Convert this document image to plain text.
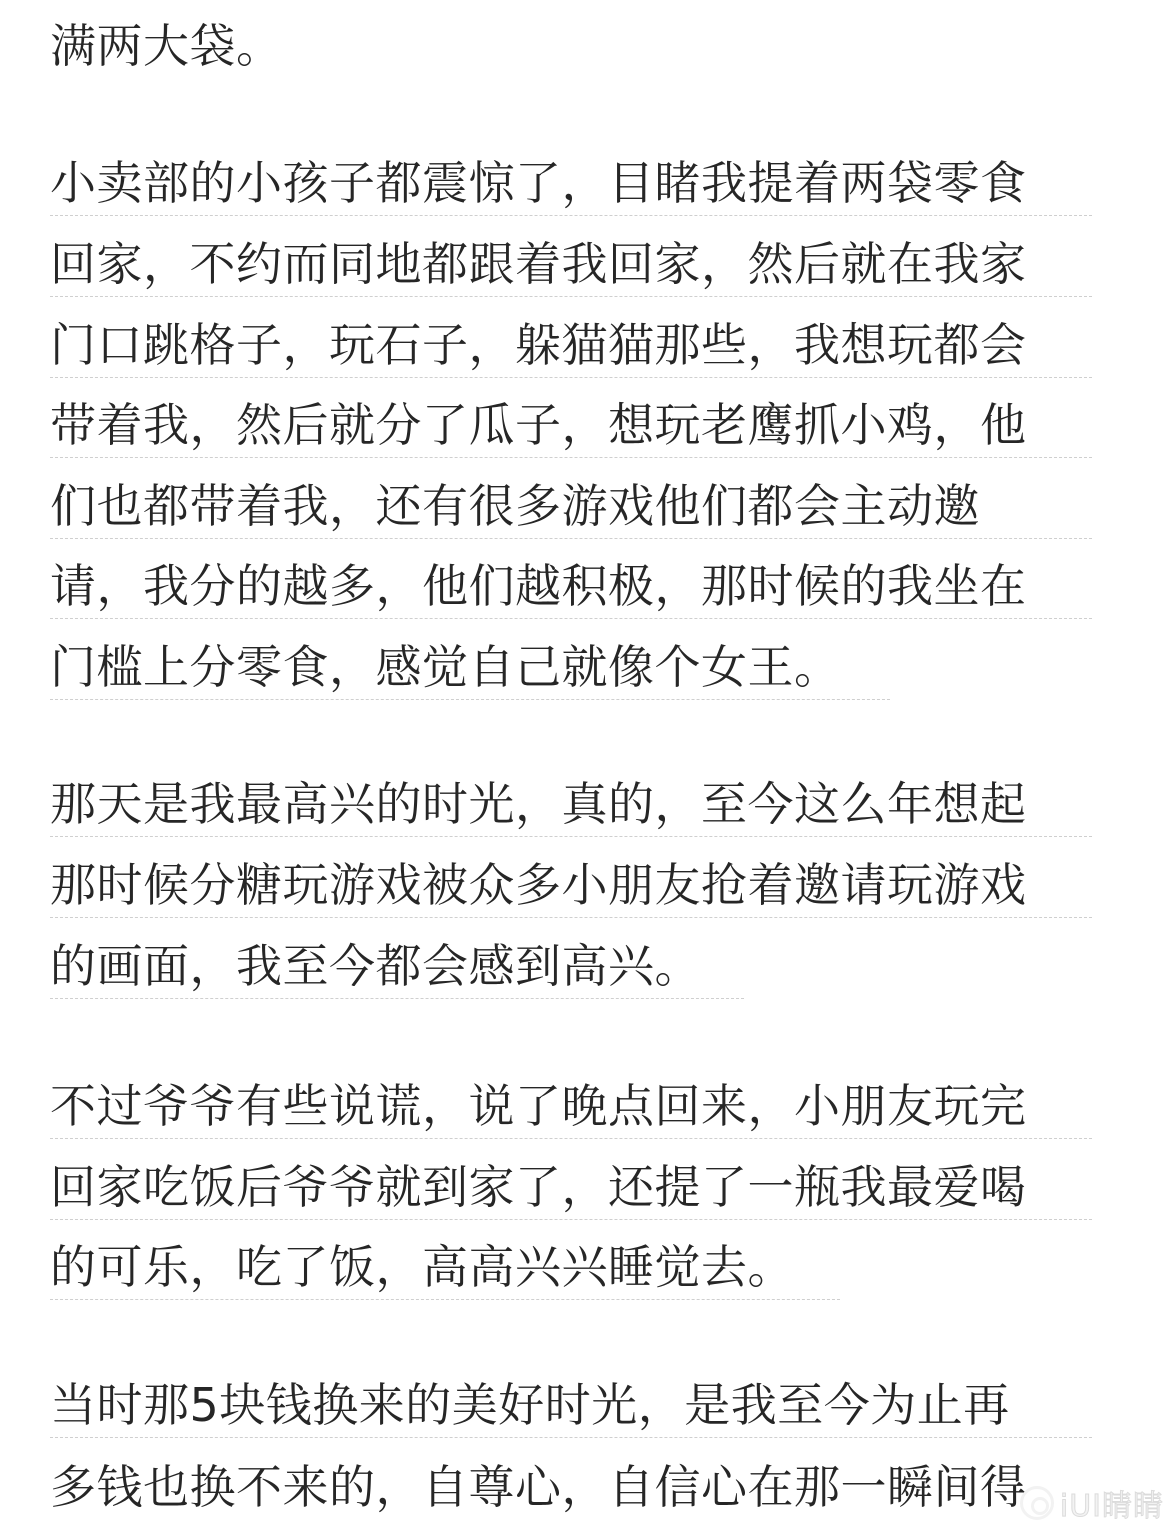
满两大袋。
小卖部的小孩子都震惊了，目睹我提着两袋零食
回家，不约而同地都跟着我回家，然后就在我家
门口跳格子，玩石子，躲猫猫那些，我想玩都会
带着我，然后就分了瓜子，想玩老鹰抓小鸡，他
们也都带着我，还有很多游戏他们都会主动邀
请，我分的越多，他们越积极，那时候的我坐在
门槛上分零食，感觉自己就像个女王。
那天是我最高兴的时光，真的，至今这么年想起
那时候分糖玩游戏被众多小朋友抢着邀请玩游戏
的画面，我至今都会感到高兴。
不过爷爷有些说谎，说了晚点回来，小朋友玩完
回家吃饭后爷爷就到家了，还提了一瓶我最爱喝
的可乐，吃了饭，高高兴兴睡觉去。
当时那5块钱换来的美好时光，是我至今为止再
多钱也换不来的，自尊心，自信心在那一瞬间得 iUI睛睛
